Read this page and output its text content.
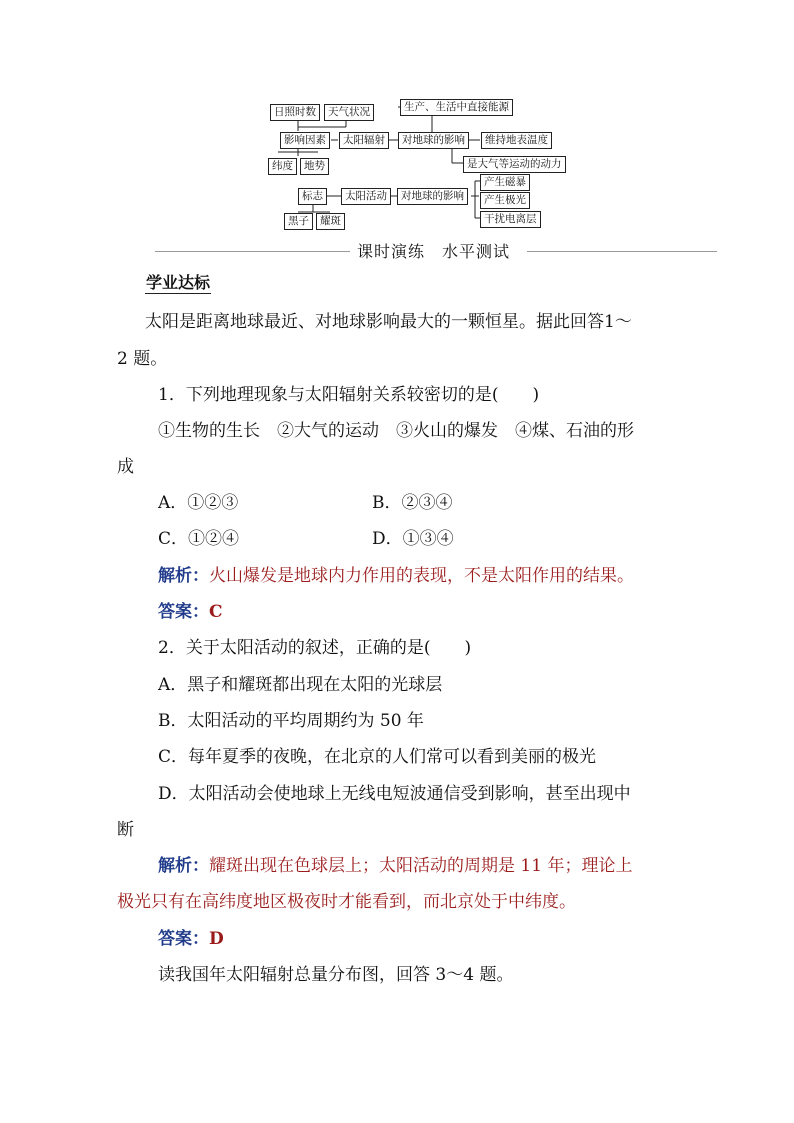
日照时数	天气状况	生产、生活中直接能源
影响因素	太阳辐射	对地球的影响	维持地表温度
纬度	地势	是大气等运动的动力
产生磁暴
标志	太阳活动	对地球的影响	产生极光
黑子	耀斑	干扰电离层
课时演练　水平测试
学业达标
太阳是距离地球最近、对地球影响最大的一颗恒星。据此回答1～
2 题。
1．下列地理现象与太阳辐射关系较密切的是(　　)
①生物的生长　②大气的运动　③火山的爆发　④煤、石油的形
成
A．①②③	B．②③④
C．①②④	D．①③④
解析：火山爆发是地球内力作用的表现，不是太阳作用的结果。
答案：C
2．关于太阳活动的叙述，正确的是(　　)
A．黑子和耀斑都出现在太阳的光球层
B．太阳活动的平均周期约为 50 年
C．每年夏季的夜晚，在北京的人们常可以看到美丽的极光
D．太阳活动会使地球上无线电短波通信受到影响，甚至出现中
断
解析：耀斑出现在色球层上；太阳活动的周期是 11 年；理论上
极光只有在高纬度地区极夜时才能看到，而北京处于中纬度。
答案：D
读我国年太阳辐射总量分布图，回答 3～4 题。
